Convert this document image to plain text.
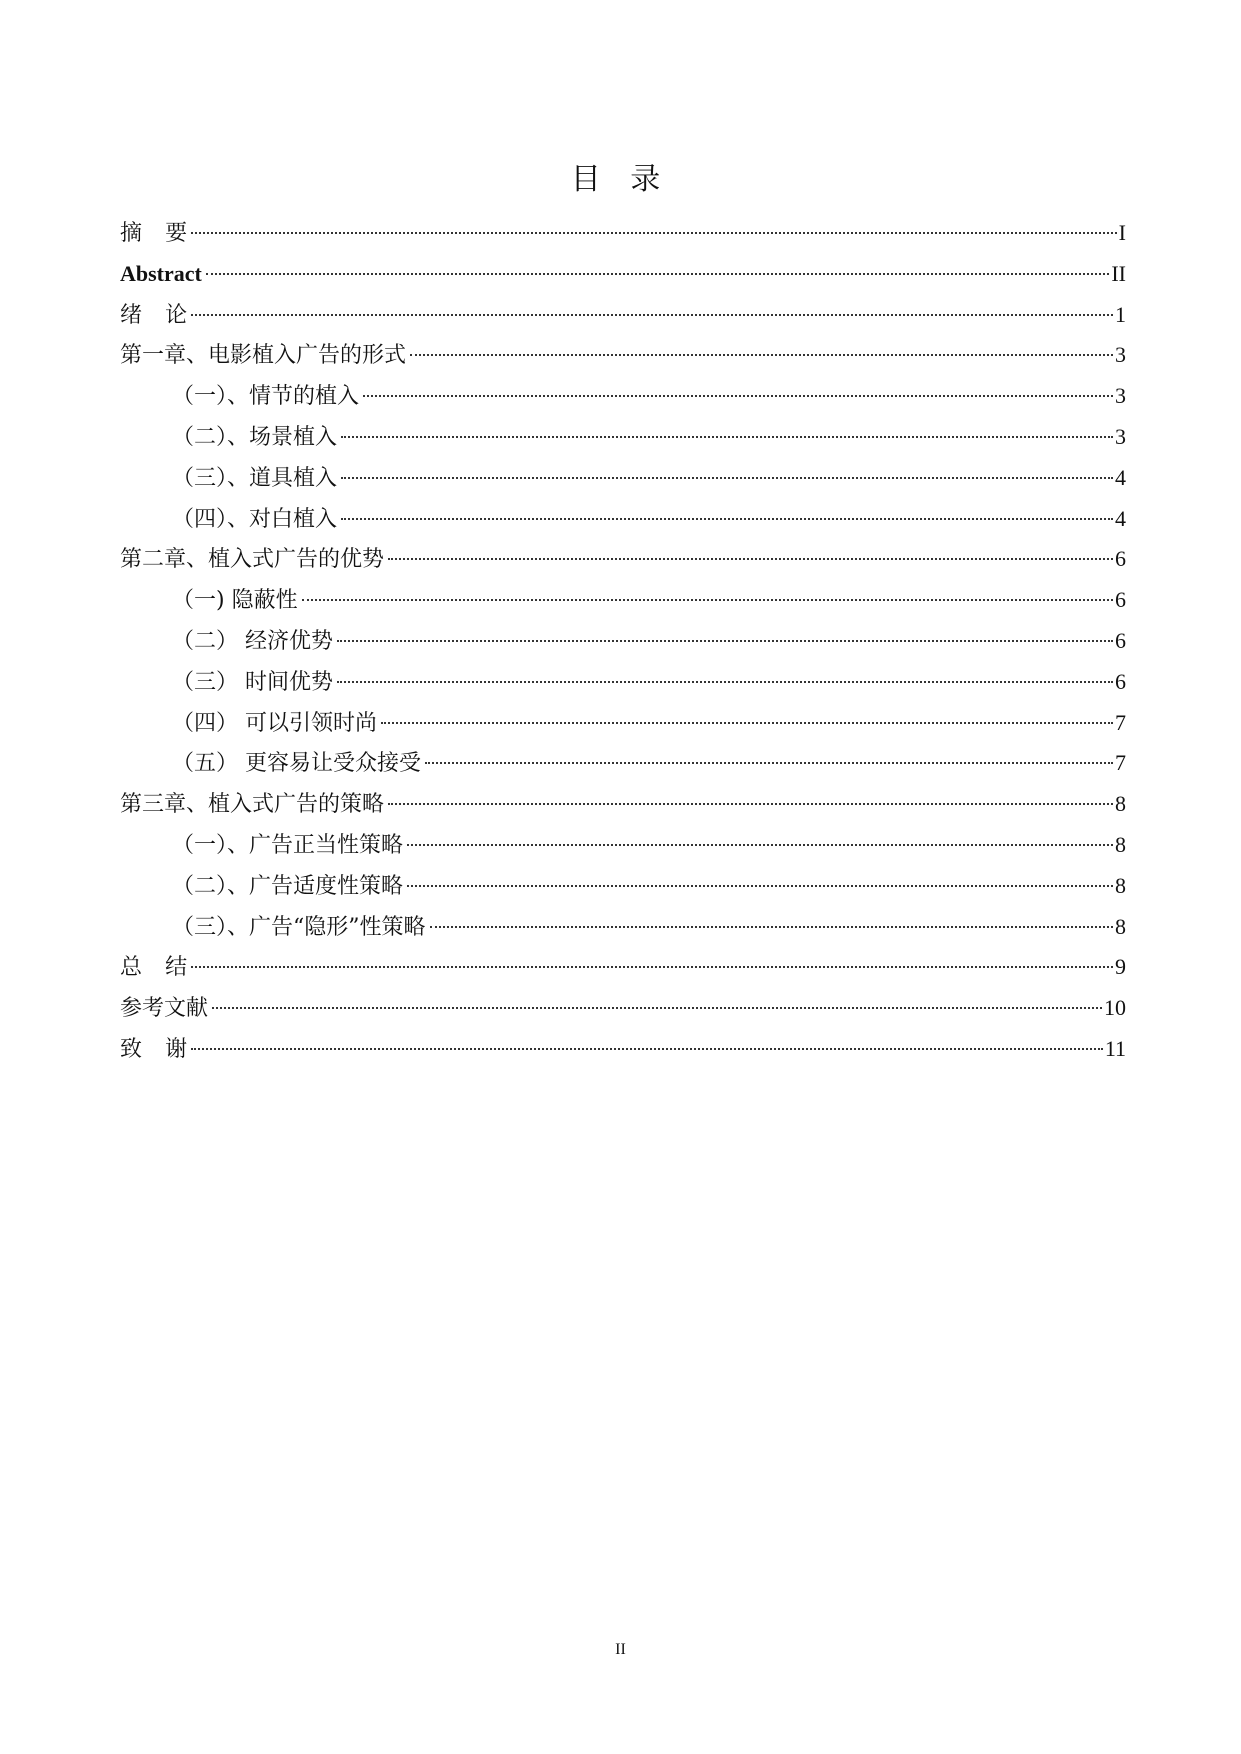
目 录
摘要	I
Abstract	II
绪论	1
第一章、电影植入广告的形式	3
（一）、情节的植入	3
（二）、场景植入	3
（三）、道具植入	4
（四）、对白植入	4
第二章、植入式广告的优势	6
（一) 隐蔽性	6
（二） 经济优势	6
（三） 时间优势	6
（四） 可以引领时尚	7
（五） 更容易让受众接受	7
第三章、植入式广告的策略	8
（一）、广告正当性策略	8
（二）、广告适度性策略	8
（三）、广告“隐形”性策略	8
总结	9
参考文献	10
致谢	11
II
